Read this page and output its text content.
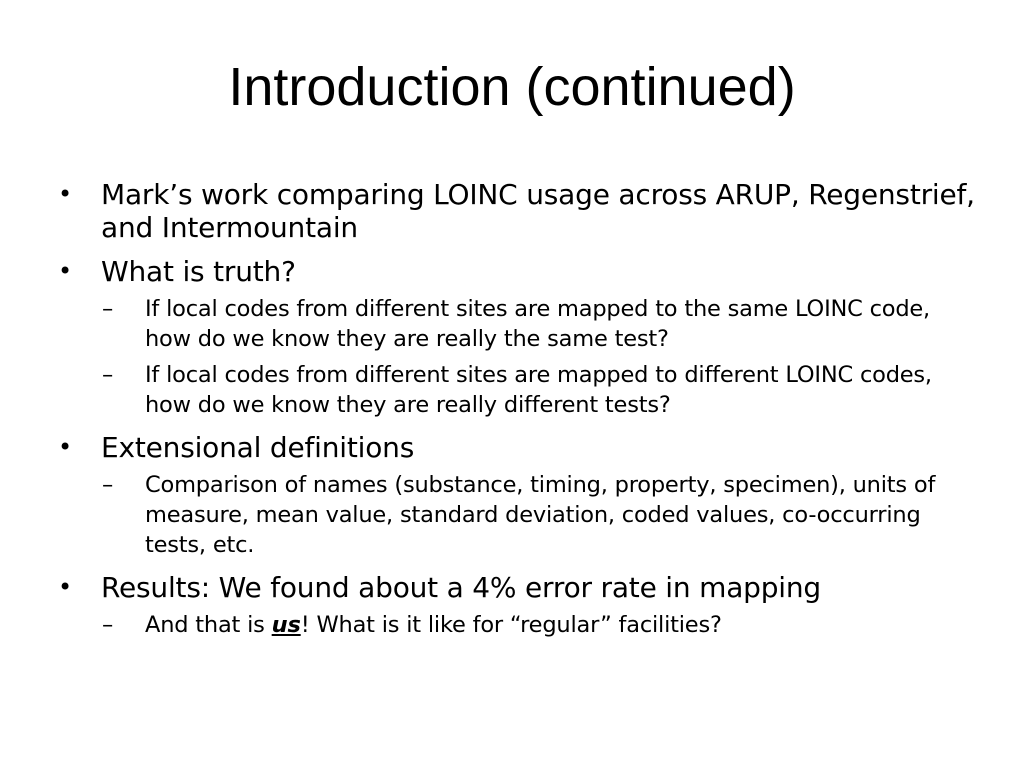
Introduction (continued)
•	Mark’s work comparing LOINC usage across ARUP, Regenstrief, and Intermountain
•	What is truth?
– If local codes from different sites are mapped to the same LOINC code, how do we know they are really the same test?
– If local codes from different sites are mapped to different LOINC codes, how do we know they are really different tests?
•	Extensional definitions
– Comparison of names (substance, timing, property, specimen), units of measure, mean value, standard deviation, coded values, co-occurring tests, etc.
•	Results: We found about a 4% error rate in mapping
– And that is us! What is it like for “regular” facilities?
